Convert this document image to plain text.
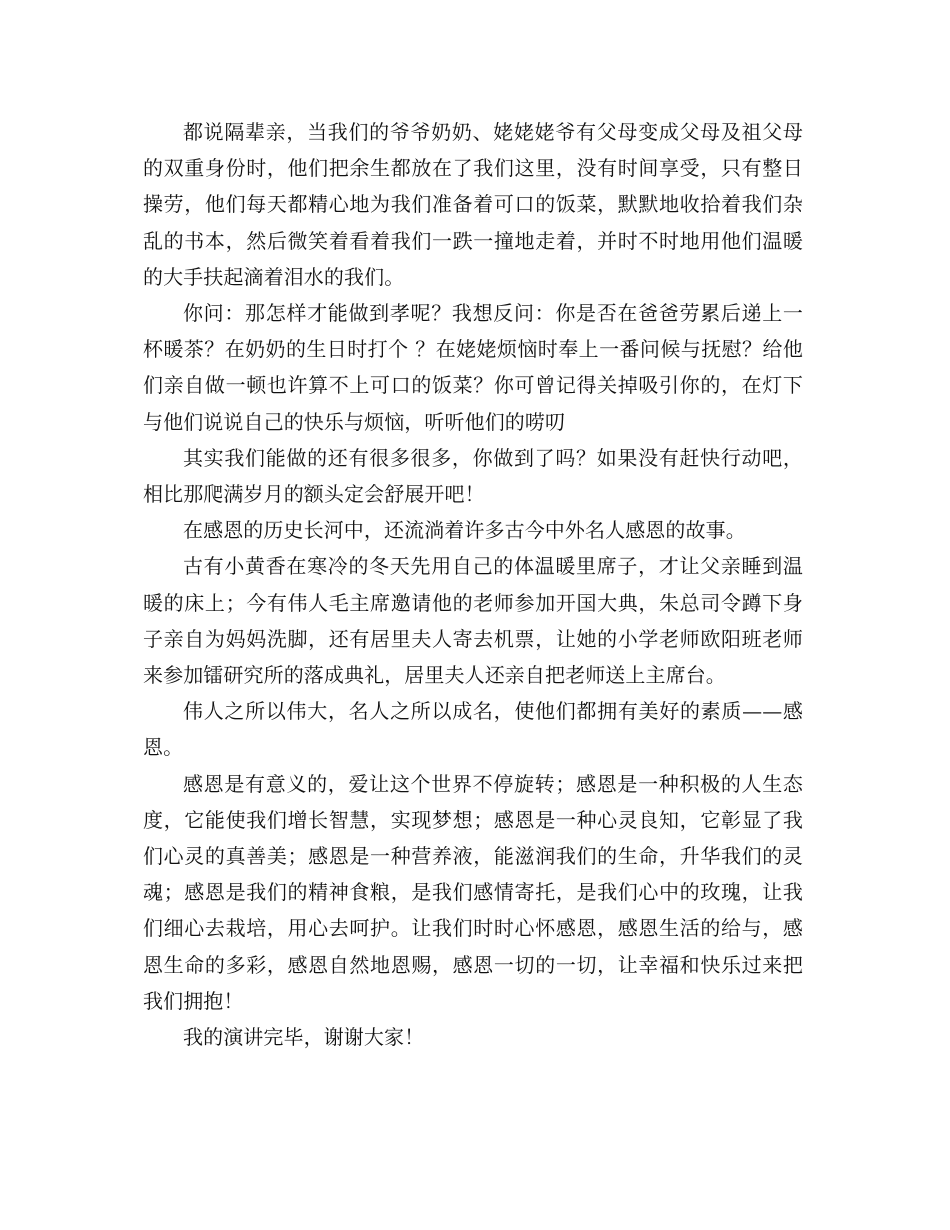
都说隔辈亲，当我们的爷爷奶奶、姥姥姥爷有父母变成父母及祖父母的双重身份时，他们把余生都放在了我们这里，没有时间享受，只有整日操劳，他们每天都精心地为我们准备着可口的饭菜，默默地收拾着我们杂乱的书本，然后微笑着看着我们一跌一撞地走着，并时不时地用他们温暖的大手扶起滴着泪水的我们。

你问：那怎样才能做到孝呢？我想反问：你是否在爸爸劳累后递上一杯暖茶？在奶奶的生日时打个 ？在姥姥烦恼时奉上一番问候与抚慰？给他们亲自做一顿也许算不上可口的饭菜？你可曾记得关掉吸引你的，在灯下与他们说说自己的快乐与烦恼，听听他们的唠叨

其实我们能做的还有很多很多，你做到了吗？如果没有赶快行动吧，相比那爬满岁月的额头定会舒展开吧！

在感恩的历史长河中，还流淌着许多古今中外名人感恩的故事。

古有小黄香在寒冷的冬天先用自己的体温暖里席子，才让父亲睡到温暖的床上；今有伟人毛主席邀请他的老师参加开国大典，朱总司令蹲下身子亲自为妈妈洗脚，还有居里夫人寄去机票，让她的小学老师欧阳班老师来参加镭研究所的落成典礼，居里夫人还亲自把老师送上主席台。

伟人之所以伟大，名人之所以成名，使他们都拥有美好的素质——感恩。

感恩是有意义的，爱让这个世界不停旋转；感恩是一种积极的人生态度，它能使我们增长智慧，实现梦想；感恩是一种心灵良知，它彰显了我们心灵的真善美；感恩是一种营养液，能滋润我们的生命，升华我们的灵魂；感恩是我们的精神食粮，是我们感情寄托，是我们心中的玫瑰，让我们细心去栽培，用心去呵护。让我们时时心怀感恩，感恩生活的给与，感恩生命的多彩，感恩自然地恩赐，感恩一切的一切，让幸福和快乐过来把我们拥抱！

我的演讲完毕，谢谢大家！
